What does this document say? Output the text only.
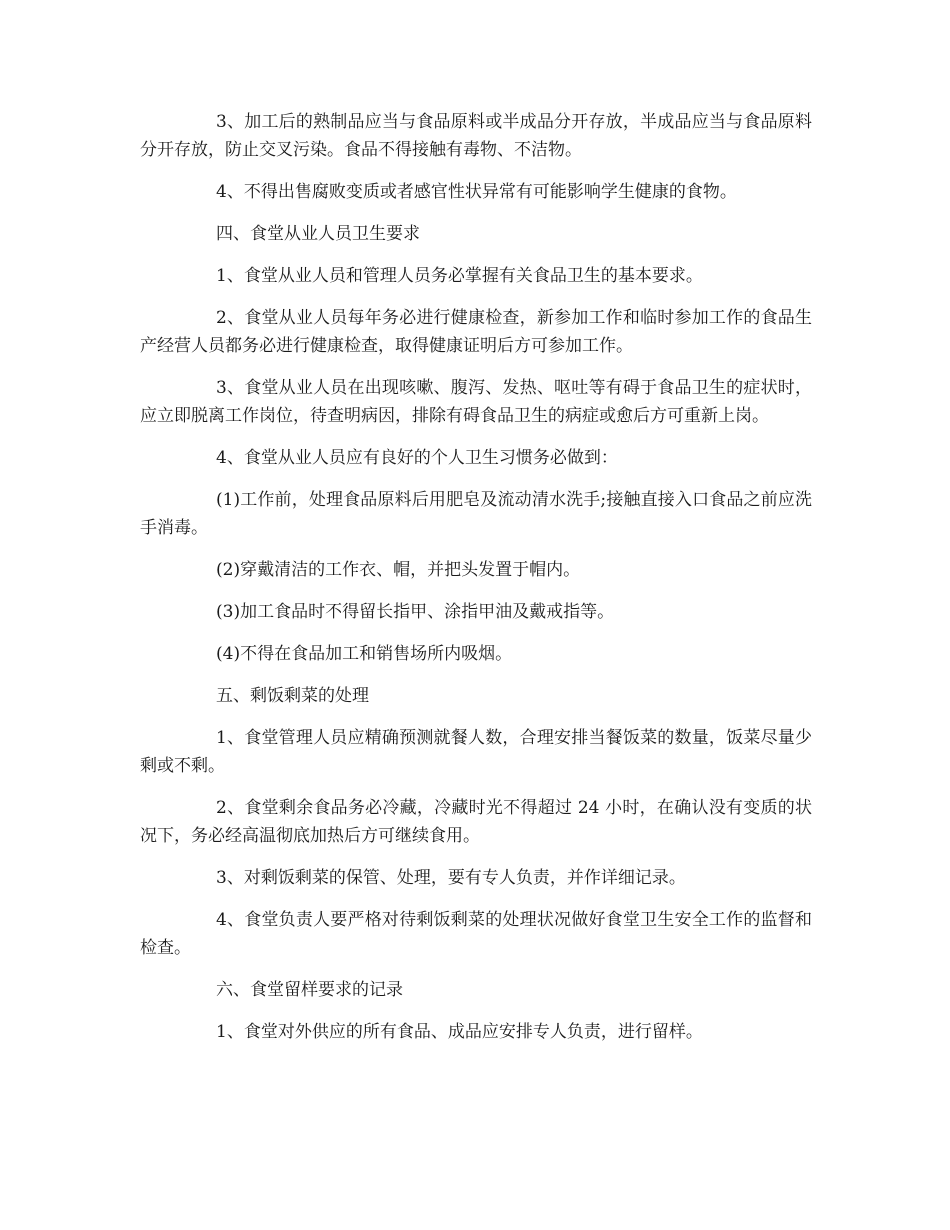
3、加工后的熟制品应当与食品原料或半成品分开存放，半成品应当与食品原料分开存放，防止交叉污染。食品不得接触有毒物、不洁物。

4、不得出售腐败变质或者感官性状异常有可能影响学生健康的食物。

四、食堂从业人员卫生要求

1、食堂从业人员和管理人员务必掌握有关食品卫生的基本要求。

2、食堂从业人员每年务必进行健康检查，新参加工作和临时参加工作的食品生产经营人员都务必进行健康检查，取得健康证明后方可参加工作。

3、食堂从业人员在出现咳嗽、腹泻、发热、呕吐等有碍于食品卫生的症状时，应立即脱离工作岗位，待查明病因，排除有碍食品卫生的病症或愈后方可重新上岗。

4、食堂从业人员应有良好的个人卫生习惯务必做到：

(1)工作前，处理食品原料后用肥皂及流动清水洗手;接触直接入口食品之前应洗手消毒。

(2)穿戴清洁的工作衣、帽，并把头发置于帽内。

(3)加工食品时不得留长指甲、涂指甲油及戴戒指等。

(4)不得在食品加工和销售场所内吸烟。

五、剩饭剩菜的处理

1、食堂管理人员应精确预测就餐人数，合理安排当餐饭菜的数量，饭菜尽量少剩或不剩。

2、食堂剩余食品务必冷藏，冷藏时光不得超过 24 小时，在确认没有变质的状况下，务必经高温彻底加热后方可继续食用。

3、对剩饭剩菜的保管、处理，要有专人负责，并作详细记录。

4、食堂负责人要严格对待剩饭剩菜的处理状况做好食堂卫生安全工作的监督和检查。

六、食堂留样要求的记录

1、食堂对外供应的所有食品、成品应安排专人负责，进行留样。
